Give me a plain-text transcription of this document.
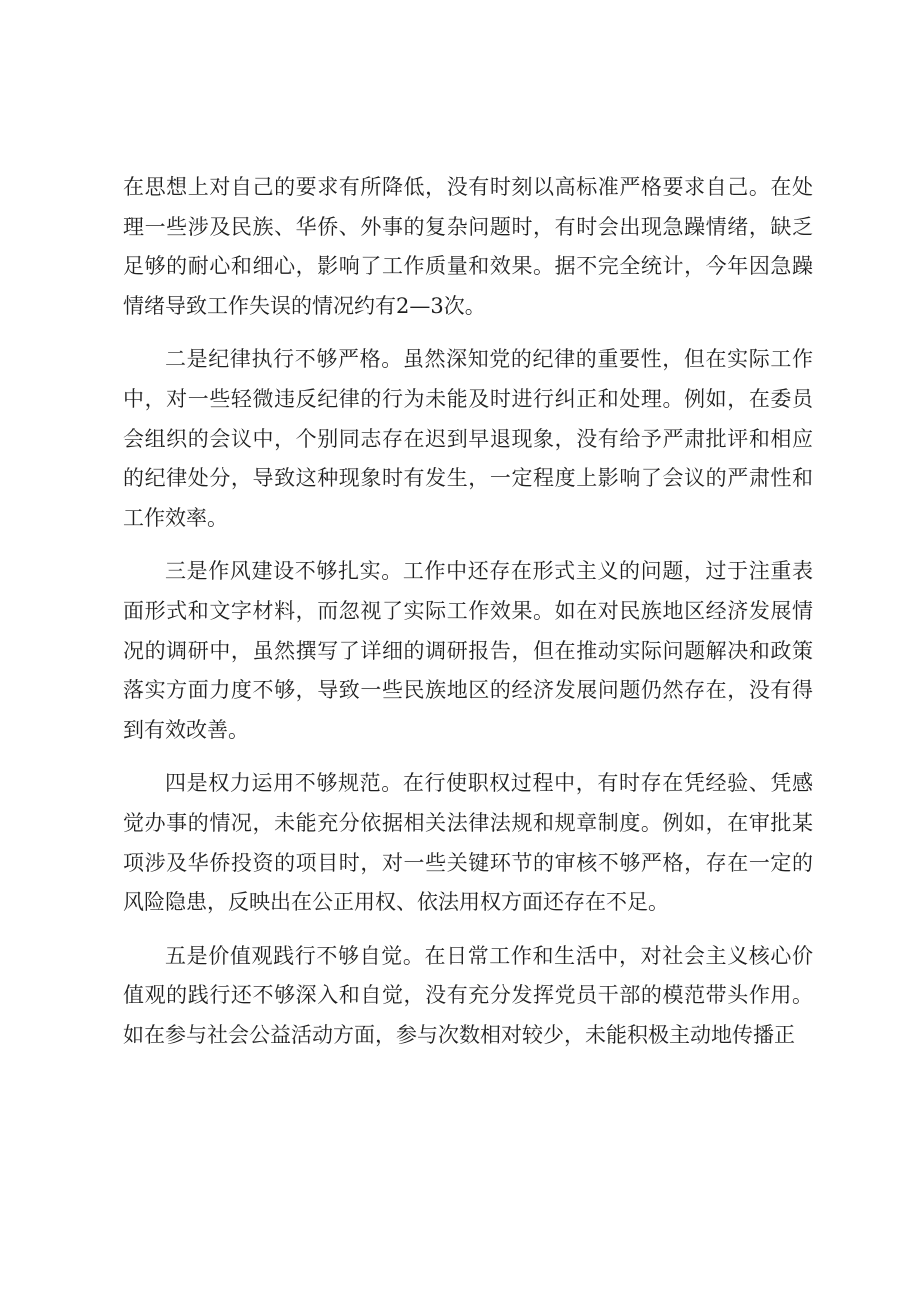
在思想上对自己的要求有所降低，没有时刻以高标准严格要求自己。在处理一些涉及民族、华侨、外事的复杂问题时，有时会出现急躁情绪，缺乏足够的耐心和细心，影响了工作质量和效果。据不完全统计，今年因急躁情绪导致工作失误的情况约有2—3次。

二是纪律执行不够严格。虽然深知党的纪律的重要性，但在实际工作中，对一些轻微违反纪律的行为未能及时进行纠正和处理。例如，在委员会组织的会议中，个别同志存在迟到早退现象，没有给予严肃批评和相应的纪律处分，导致这种现象时有发生，一定程度上影响了会议的严肃性和工作效率。

三是作风建设不够扎实。工作中还存在形式主义的问题，过于注重表面形式和文字材料，而忽视了实际工作效果。如在对民族地区经济发展情况的调研中，虽然撰写了详细的调研报告，但在推动实际问题解决和政策落实方面力度不够，导致一些民族地区的经济发展问题仍然存在，没有得到有效改善。

四是权力运用不够规范。在行使职权过程中，有时存在凭经验、凭感觉办事的情况，未能充分依据相关法律法规和规章制度。例如，在审批某项涉及华侨投资的项目时，对一些关键环节的审核不够严格，存在一定的风险隐患，反映出在公正用权、依法用权方面还存在不足。

五是价值观践行不够自觉。在日常工作和生活中，对社会主义核心价值观的践行还不够深入和自觉，没有充分发挥党员干部的模范带头作用。如在参与社会公益活动方面，参与次数相对较少，未能积极主动地传播正
